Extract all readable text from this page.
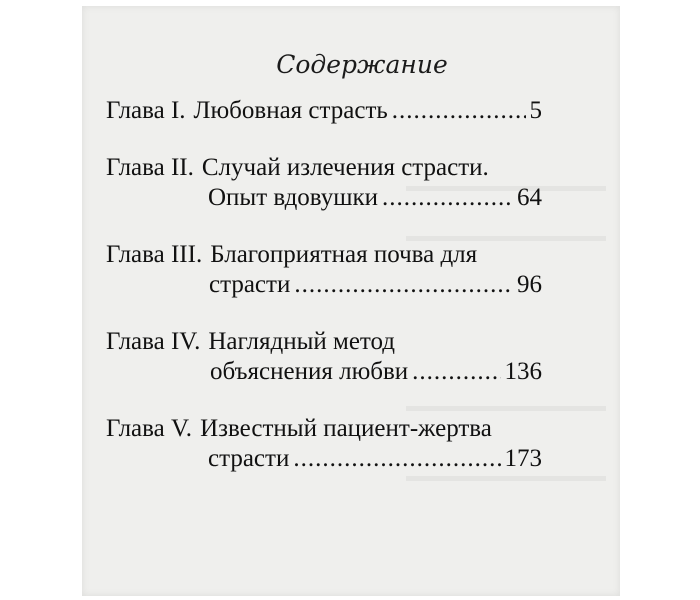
Содержание
Глава I. Любовная страсть .....	5
Глава II. Случай излечения страсти.
Опыт вдовушки .....	64
Глава III. Благоприятная почва для
страсти .....	96
Глава IV. Наглядный метод
объяснения любви .....	136
Глава V. Известный пациент-жертва
страсти .....	173
